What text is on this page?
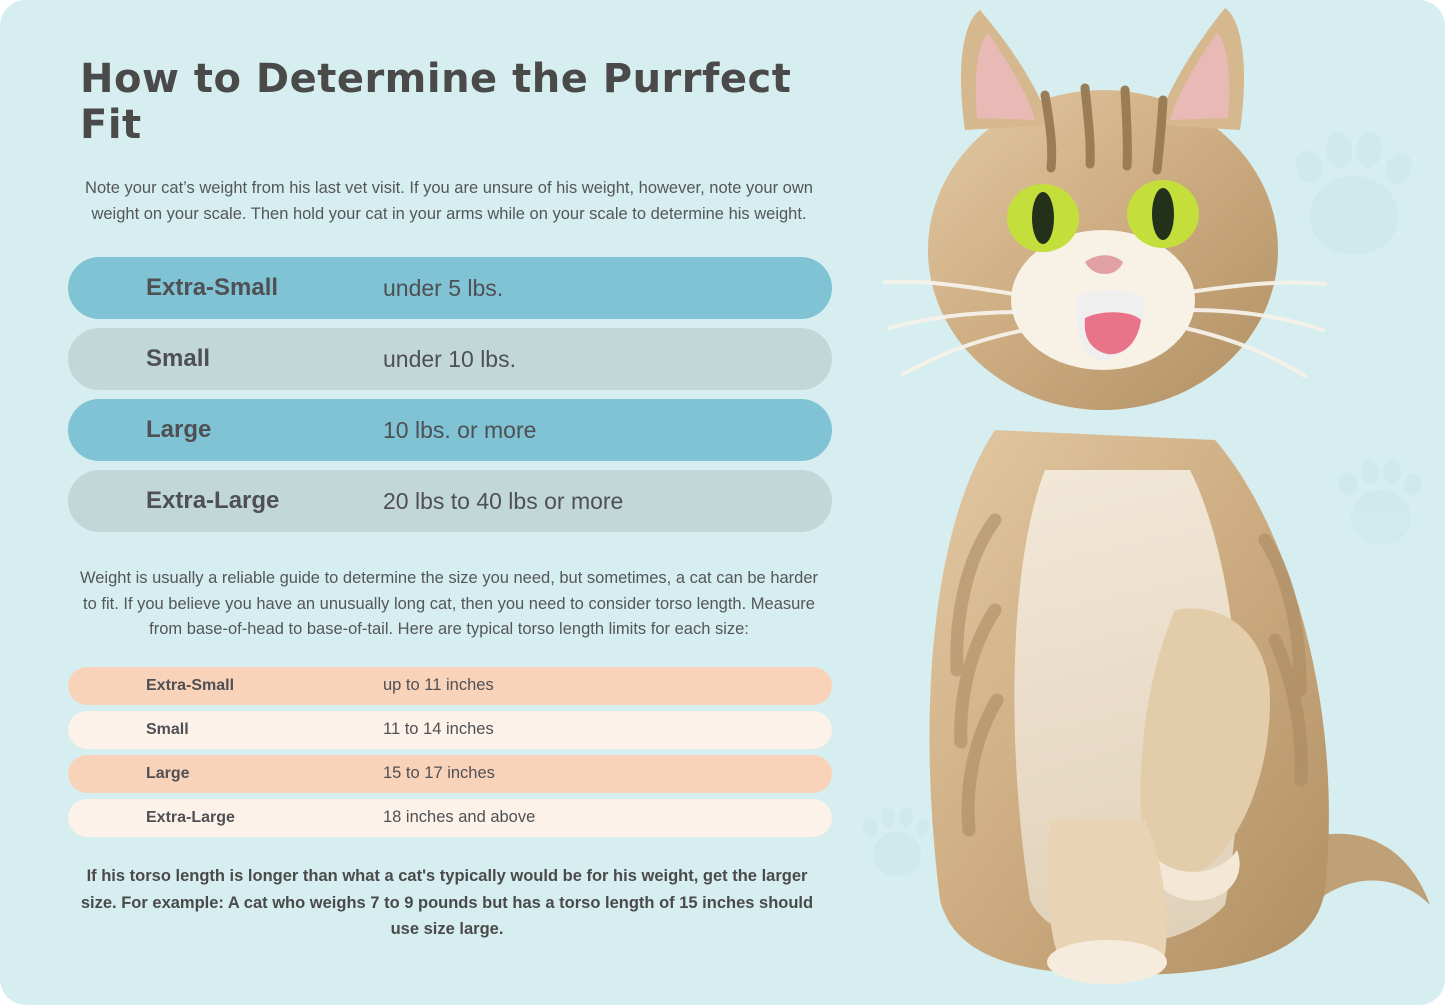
How to Determine the Purrfect Fit

Note your cat’s weight from his last vet visit. If you are unsure of his weight, however, note your own weight on your scale. Then hold your cat in your arms while on your scale to determine his weight.

Extra-Small	under 5 lbs.
Small	under 10 lbs.
Large	10 lbs. or more
Extra-Large	20 lbs to 40 lbs or more

Weight is usually a reliable guide to determine the size you need, but sometimes, a cat can be harder to fit. If you believe you have an unusually long cat, then you need to consider torso length. Measure from base-of-head to base-of-tail. Here are typical torso length limits for each size:

Extra-Small	up to 11 inches
Small	11 to 14 inches
Large	15 to 17 inches
Extra-Large	18 inches and above

If his torso length is longer than what a cat's typically would be for his weight, get the larger size. For example: A cat who weighs 7 to 9 pounds but has a torso length of 15 inches should use size large.
